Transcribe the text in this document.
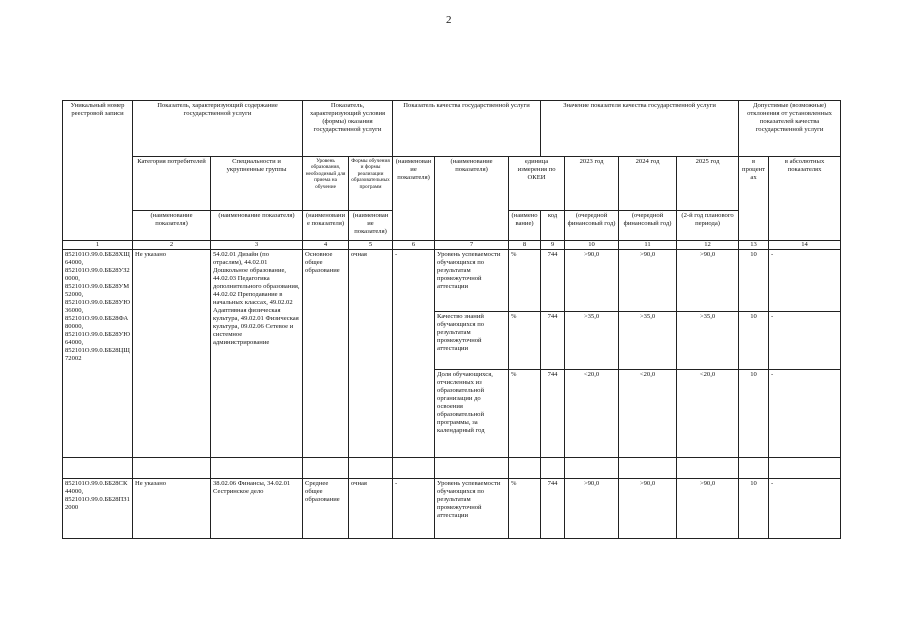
2
Уникальный номер реестровой записи	Показатель, характеризующий содержание государственной услуги		Показатель, характеризующий условия (формы) оказания государственной услуги		Показатель качества государственной услуги			Значение показателя качества государственной услуги				Допустимые (возможные) отклонения от установленных показателей качества государственной услуги	
	Категория потребителей	Специальности и укрупненные группы	Уровень образования, необходимый для приема на обучение	Формы обучения и формы реализации образовательных программ	(наименование показателя)	(наименование показателя)	единица измерения по ОКЕИ		2023 год	2024 год	2025 год	в процентах	в абсолютных показателях
	(наименование показателя)	(наименование показателя)	(наименование показателя)	(наименование показателя)			(наименование)	код	(очередной финансовый год)	(очередной финансовый год)	(2-й год планового периода)		
1	2	3	4	5	6	7	8	9	10	11	12	13	14
852101О.99.0.ББ28ХЩ64000, 852101О.99.0.ББ28УЗ20000, 852101О.99.0.ББ28УМ52000, 852101О.99.0.ББ28УЮ36000, 852101О.99.0.ББ28ФА80000, 852101О.99.0.ББ28УЮ64000, 852101О.99.0.ББ28ЦЩ72002	Не указано	54.02.01 Дизайн (по отраслям), 44.02.01 Дошкольное образование, 44.02.03 Педагогика дополнительного образования, 44.02.02 Преподавание в начальных классах, 49.02.02 Адаптивная физическая культура, 49.02.01 Физическая культура, 09.02.06 Сетевое и системное администрирование	Основное общее образование	очная	-	Уровень успеваемости обучающихся по результатам промежуточной аттестации	%	744	>90,0	>90,0	>90,0	10	-
						Качество знаний обучающихся по результатам промежуточной аттестации	%	744	>35,0	>35,0	>35,0	10	-
						Доля обучающихся, отчисленных из образовательной организации до освоения образовательной программы, за календарный год	%	744	<20,0	<20,0	<20,0	10	-

852101О.99.0.ББ28СК44000, 852101О.99.0.ББ28ПЗ12000	Не указано	38.02.06 Финансы, 34.02.01 Сестринское дело	Среднее общее образование	очная	-	Уровень успеваемости обучающихся по результатам промежуточной аттестации	%	744	>90,0	>90,0	>90,0	10	-
